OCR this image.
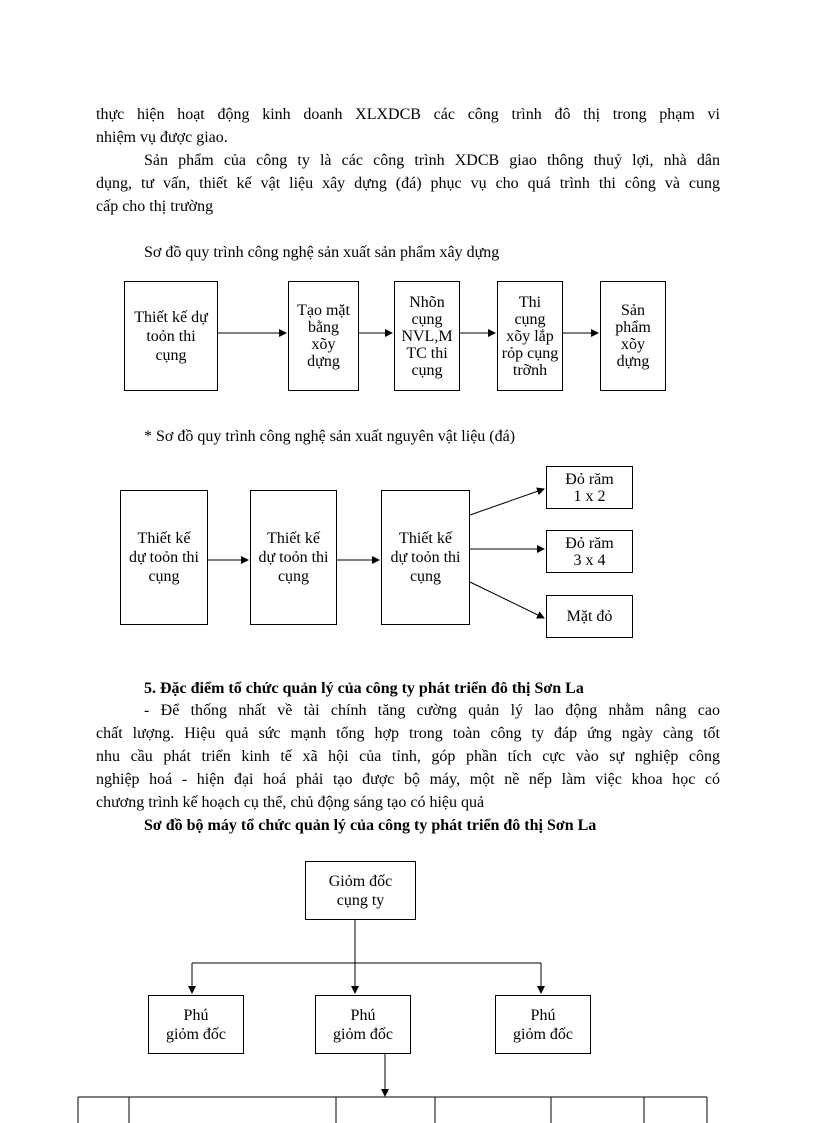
thực hiện hoạt động kinh doanh XLXDCB các công trình đô thị trong phạm vi
nhiệm vụ được giao.
Sản phẩm của công ty là các công trình XDCB giao thông thuỷ lợi, nhà dân
dụng, tư vấn, thiết kế vật liệu xây dựng (đá) phục vụ cho quá trình thi công và cung
cấp cho thị trường
Sơ đồ quy trình công nghệ sản xuất sản phẩm xây dựng
Thiết kế dự
toỏn thi
cụng
Tạo mặt
bằng
xõy
dựng
Nhõn
cụng
NVL,M
TC thi
cụng
Thi
cụng
xõy lắp
rỏp cụng
trỡnh
Sản
phẩm
xõy
dựng
* Sơ đồ quy trình công nghệ sản xuất nguyên vật liệu (đá)
Thiết kế
dự toỏn thi
cụng
Thiết kế
dự toỏn thi
cụng
Thiết kế
dự toỏn thi
cụng
Đỏ răm
1 x 2
Đỏ răm
3 x 4
Mặt đỏ
5. Đặc điểm tổ chức quản lý của công ty phát triển đô thị Sơn La
- Để thống nhất về tài chính tăng cường quản lý lao động nhằm nâng cao
chất lượng. Hiệu quả sức mạnh tổng hợp trong toàn công ty đáp ứng ngày càng tốt
nhu cầu phát triển kinh tế xã hội của tỉnh, góp phần tích cực vào sự nghiệp công
nghiệp hoá - hiện đại hoá phải tạo được bộ máy, một nề nếp làm việc khoa học có
chương trình kế hoạch cụ thể, chủ động sáng tạo có hiệu quả
Sơ đồ bộ máy tổ chức quản lý của công ty phát triển đô thị Sơn La
Giỏm đốc
cụng ty
Phú
giỏm đốc
Phú
giỏm đốc
Phú
giỏm đốc
